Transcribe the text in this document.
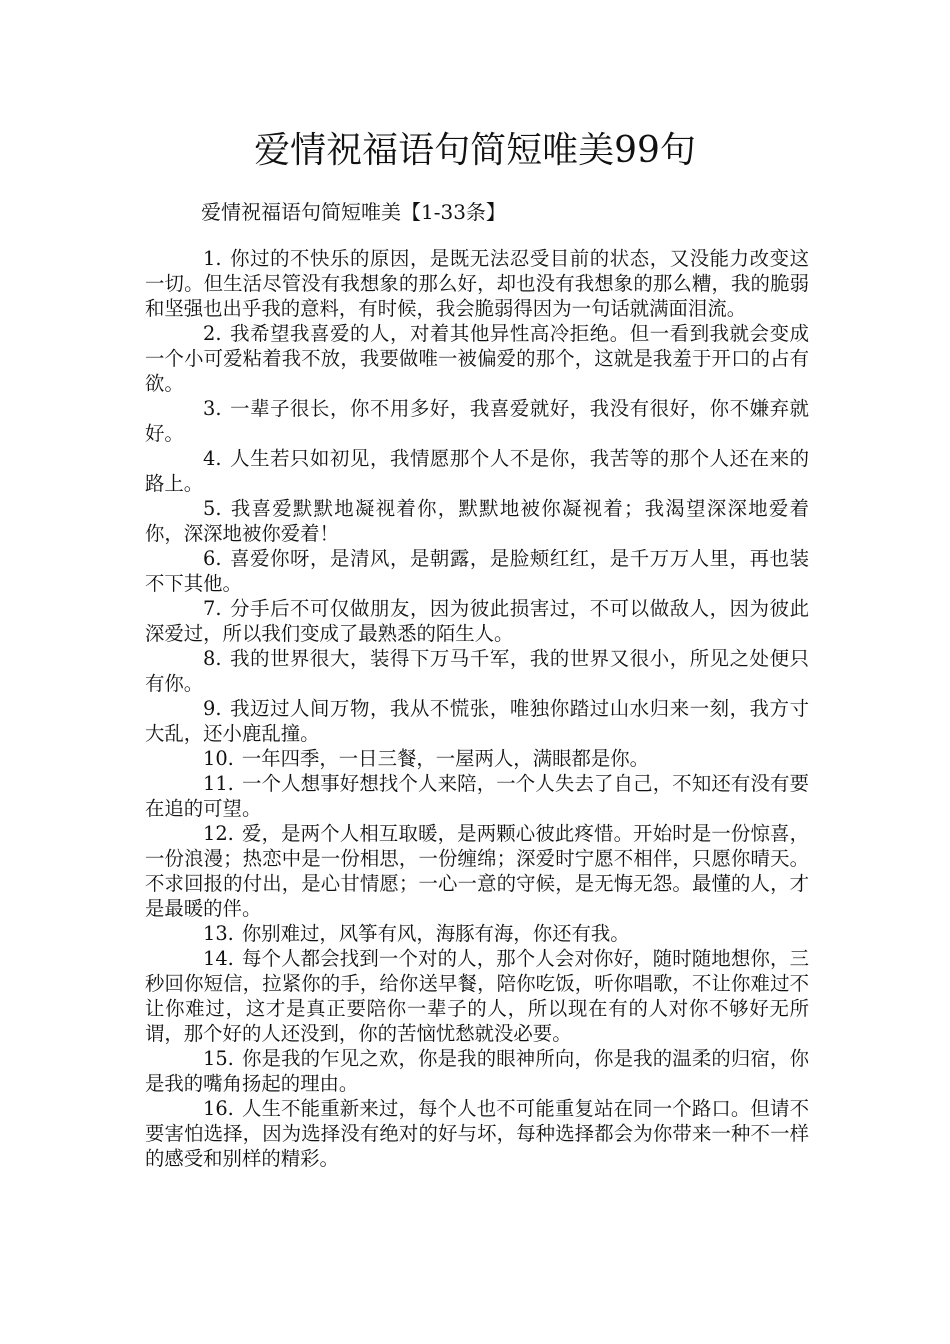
爱情祝福语句简短唯美99句

爱情祝福语句简短唯美【1-33条】

1. 你过的不快乐的原因，是既无法忍受目前的状态，又没能力改变这一切。但生活尽管没有我想象的那么好，却也没有我想象的那么糟，我的脆弱和坚强也出乎我的意料，有时候，我会脆弱得因为一句话就满面泪流。
2. 我希望我喜爱的人，对着其他异性高冷拒绝。但一看到我就会变成一个小可爱粘着我不放，我要做唯一被偏爱的那个，这就是我羞于开口的占有欲。
3. 一辈子很长，你不用多好，我喜爱就好，我没有很好，你不嫌弃就好。
4. 人生若只如初见，我情愿那个人不是你，我苦等的那个人还在来的路上。
5. 我喜爱默默地凝视着你，默默地被你凝视着；我渴望深深地爱着你，深深地被你爱着！
6. 喜爱你呀，是清风，是朝露，是脸颊红红，是千万万人里，再也装不下其他。
7. 分手后不可仅做朋友，因为彼此损害过，不可以做敌人，因为彼此深爱过，所以我们变成了最熟悉的陌生人。
8. 我的世界很大，装得下万马千军，我的世界又很小，所见之处便只有你。
9. 我迈过人间万物，我从不慌张，唯独你踏过山水归来一刻，我方寸大乱，还小鹿乱撞。
10. 一年四季，一日三餐，一屋两人，满眼都是你。
11. 一个人想事好想找个人来陪，一个人失去了自己，不知还有没有要在追的可望。
12. 爱，是两个人相互取暖，是两颗心彼此疼惜。开始时是一份惊喜，一份浪漫；热恋中是一份相思，一份缠绵；深爱时宁愿不相伴，只愿你晴天。不求回报的付出，是心甘情愿；一心一意的守候，是无悔无怨。最懂的人，才是最暖的伴。
13. 你别难过，风筝有风，海豚有海，你还有我。
14. 每个人都会找到一个对的人，那个人会对你好，随时随地想你，三秒回你短信，拉紧你的手，给你送早餐，陪你吃饭，听你唱歌，不让你难过不让你难过，这才是真正要陪你一辈子的人，所以现在有的人对你不够好无所谓，那个好的人还没到，你的苦恼忧愁就没必要。
15. 你是我的乍见之欢，你是我的眼神所向，你是我的温柔的归宿，你是我的嘴角扬起的理由。
16. 人生不能重新来过，每个人也不可能重复站在同一个路口。但请不要害怕选择，因为选择没有绝对的好与坏，每种选择都会为你带来一种不一样的感受和别样的精彩。
